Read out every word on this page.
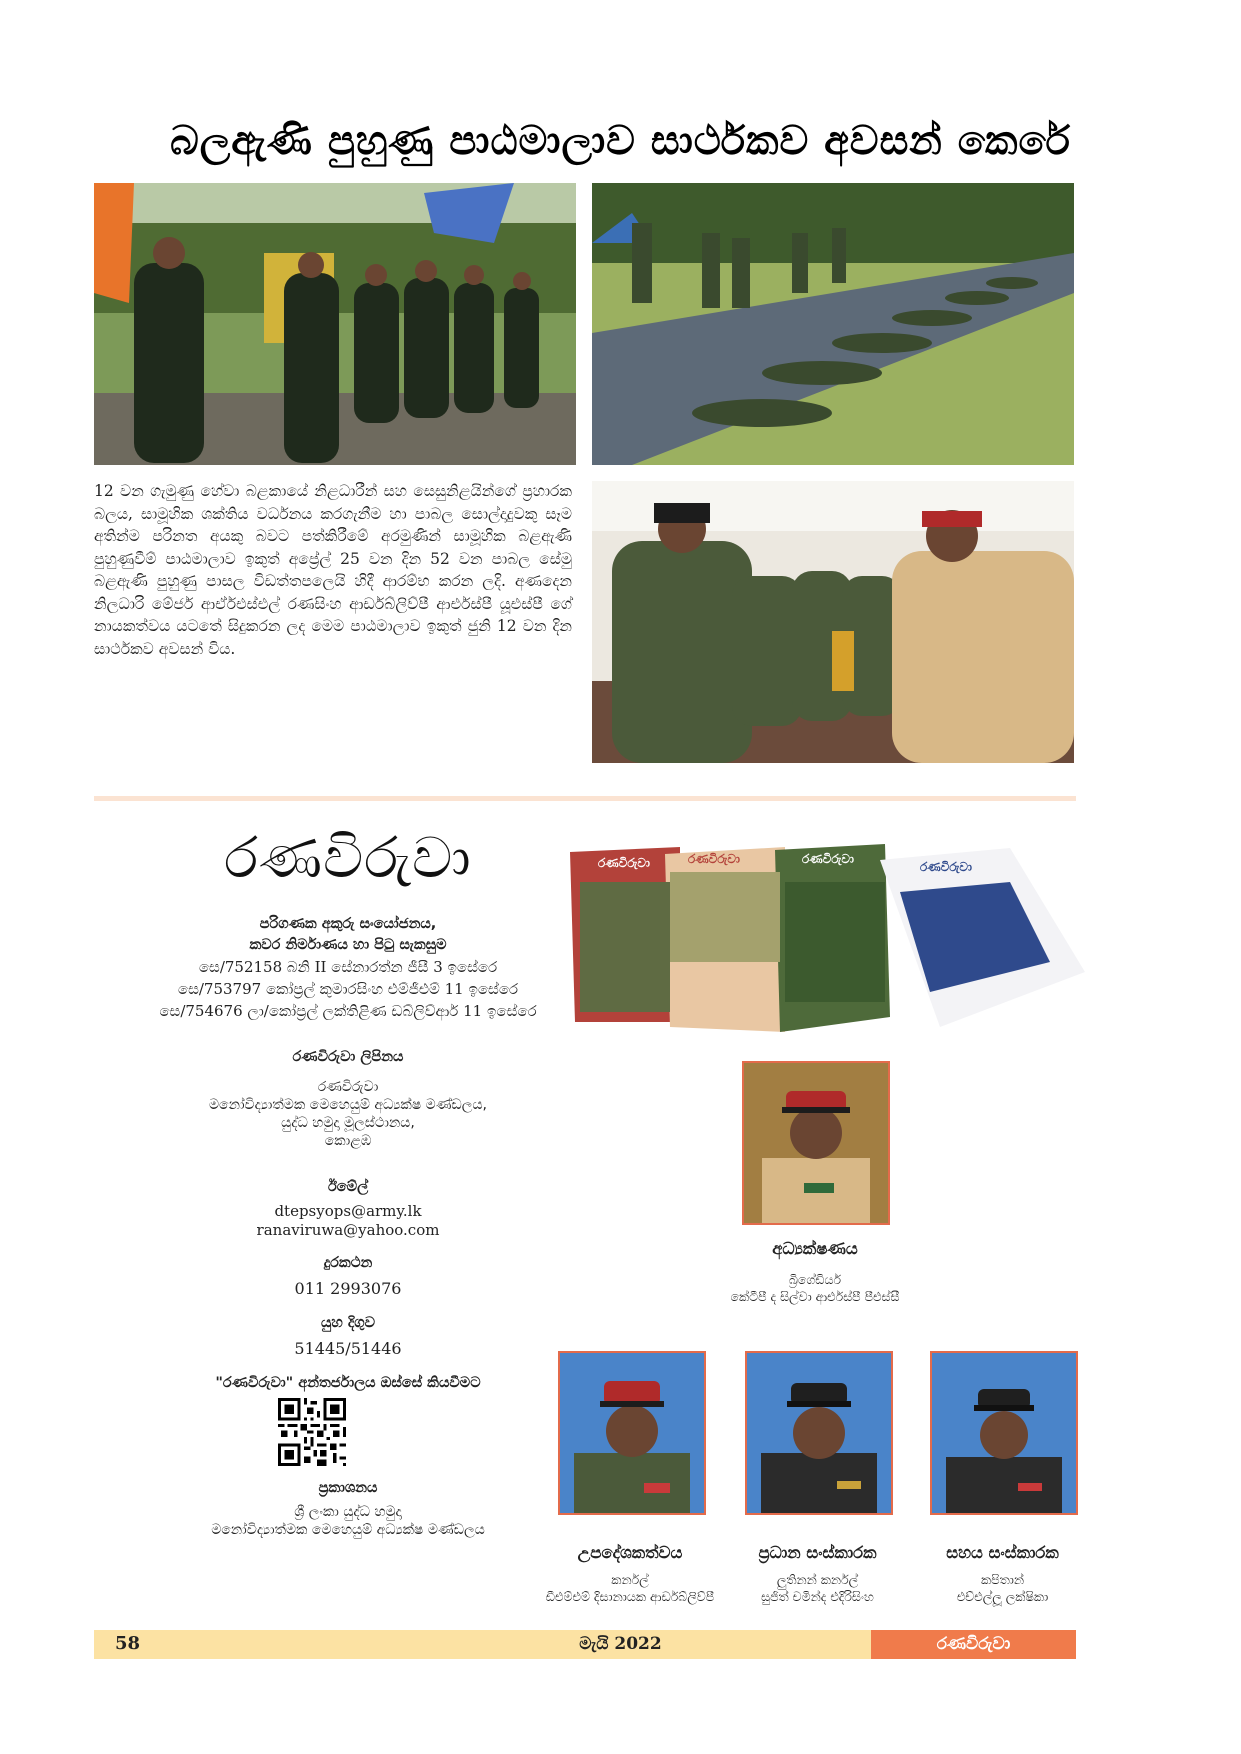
බලඇණි පුහුණු පාඨමාලාව සාර්ථකව අවසන් කෙරේ
12 වන ගැමුණු හේවා බළකායේ නිළධාරීන් සහ සෙසුනිළයින්ගේ ප්‍රහාරක බලය, සාමූහික ශක්තිය වර්ධනය කරගැනීම හා පාබල සොල්දාදුවකු සෑම අතින්ම පරිනත අයකු බවට පත්කිරීමේ අරමුණින් සාමූහික බළඇණි පුහුණුවීම් පාඨමාලාව ඉකුත් අප්‍රේල් 25 වන දින 52 වන පාබල සේමු බළඇණි පුහුණු පාසල විඩත්තපලෙයි හිදී ආරම්භ කරන ලදි. අණදෙන නිලධාරි මේජර් ආර්ඒඑස්එල් රණසිංහ ආර්ඩබ්ලිව්පී ආර්එස්පී යූඑස්පී ගේ නායකත්වය යටතේ සිදුකරන ලද මෙම පාඨමාලාව ඉකුත් ජුනි 12 වන දින සාර්ථකව අවසන් විය.
රණවිරුවා
පරිගණක අකුරු සංයෝජනය,
කවර නිර්මාණය හා පිටු සැකසුම
සෙ/752158 බනි II සේනාරත්න ජීසී 3 ඉසේරෙ
සෙ/753797 කෝප්‍රල් කුමාරසිංහ එම්ජීඑම් 11 ඉසේරෙ
සෙ/754676 ලා/කෝප්‍රල් ලක්තිළිණ ඩබ්ලිව්ආර් 11 ඉසේරෙ
රණවිරුවා ලිපිනය
රණවිරුවා
මනෝවිද්‍යාත්මක මෙහෙයුම් අධ්‍යක්ෂ මණ්ඩලය,
යුද්ධ හමුදා මූලස්ථානය,
කොළඹ
ඊමේල්
dtepsyops@army.lk
ranaviruwa@yahoo.com
දුරකථන
011 2993076
යුහ දිගුව
51445/51446
"රණවිරුවා" අන්තර්ජාලය ඔස්සේ කියවීමට
ප්‍රකාශනය
ශ්‍රී ලංකා යුද්ධ හමුදා
මනෝවිද්‍යාත්මක මෙහෙයුම් අධ්‍යක්ෂ මණ්ඩලය
රණවිරුවා	රණවිරුවා	රණවිරුවා
රණවිරුවා
අධ්‍යක්ෂණය
බ්‍රිගේඩියර්
කේටීපී ද සිල්වා ආර්එස්පී පීඑස්සී
උපදේශකත්වය
කර්නල්
ඩීඑම්එම් දිසානායක ආර්ඩබ්ලිව්පී
ප්‍රධාන සංස්කාරක
ලුතිනන් කර්නල්
සුජිත් චමින්ද එදිරිසිංහ
සහය සංස්කාරක
කපිතාන්
එච්එල්ලූ ලක්ෂිකා
58	මැයි 2022	රණවිරුවා
